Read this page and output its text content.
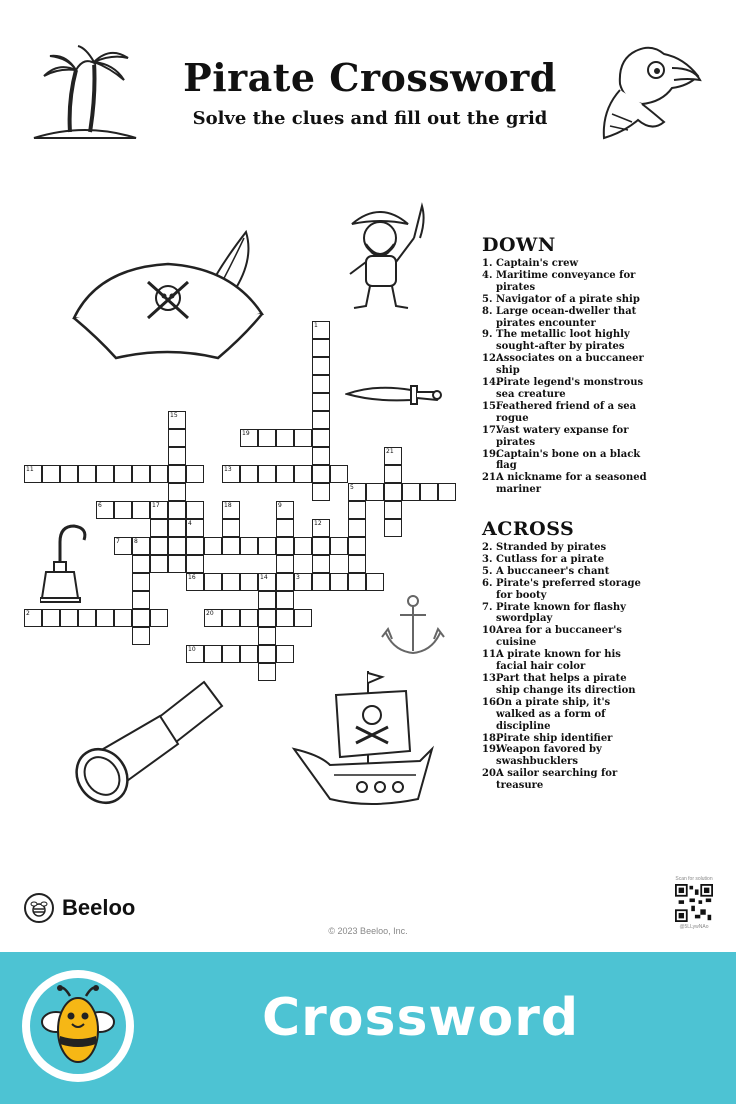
Pirate Crossword
Solve the clues and fill out the grid
1
15
19
21
11	13
5
6	17	18	9
4	12
7 8
16	14	3
2	20
10
DOWN
1. Captain's crew
4. Maritime conveyance for pirates
5. Navigator of a pirate ship
8. Large ocean-dweller that pirates encounter
9. The metallic loot highly sought-after by pirates
12.
Associates on a buccaneer ship
14.
Pirate legend's monstrous sea creature
15.
Feathered friend of a sea rogue
17.
Vast watery expanse for pirates
19.
Captain's bone on a black flag
21.
A nickname for a seasoned mariner
ACROSS
2. Stranded by pirates
3. Cutlass for a pirate
5. A buccaneer's chant
6. Pirate's preferred storage for booty
7. Pirate known for flashy swordplay
10.
Area for a buccaneer's cuisine
11.
A pirate known for his facial hair color
13.
Part that helps a pirate ship change its direction
16.
On a pirate ship, it's walked as a form of discipline
18.
Pirate ship identifier
19.
Weapon favored by swashbucklers
20.
A sailor searching for treasure
Beeloo
© 2023 Beeloo, Inc.
Scan for solution
@5LLywNAo
Crossword
